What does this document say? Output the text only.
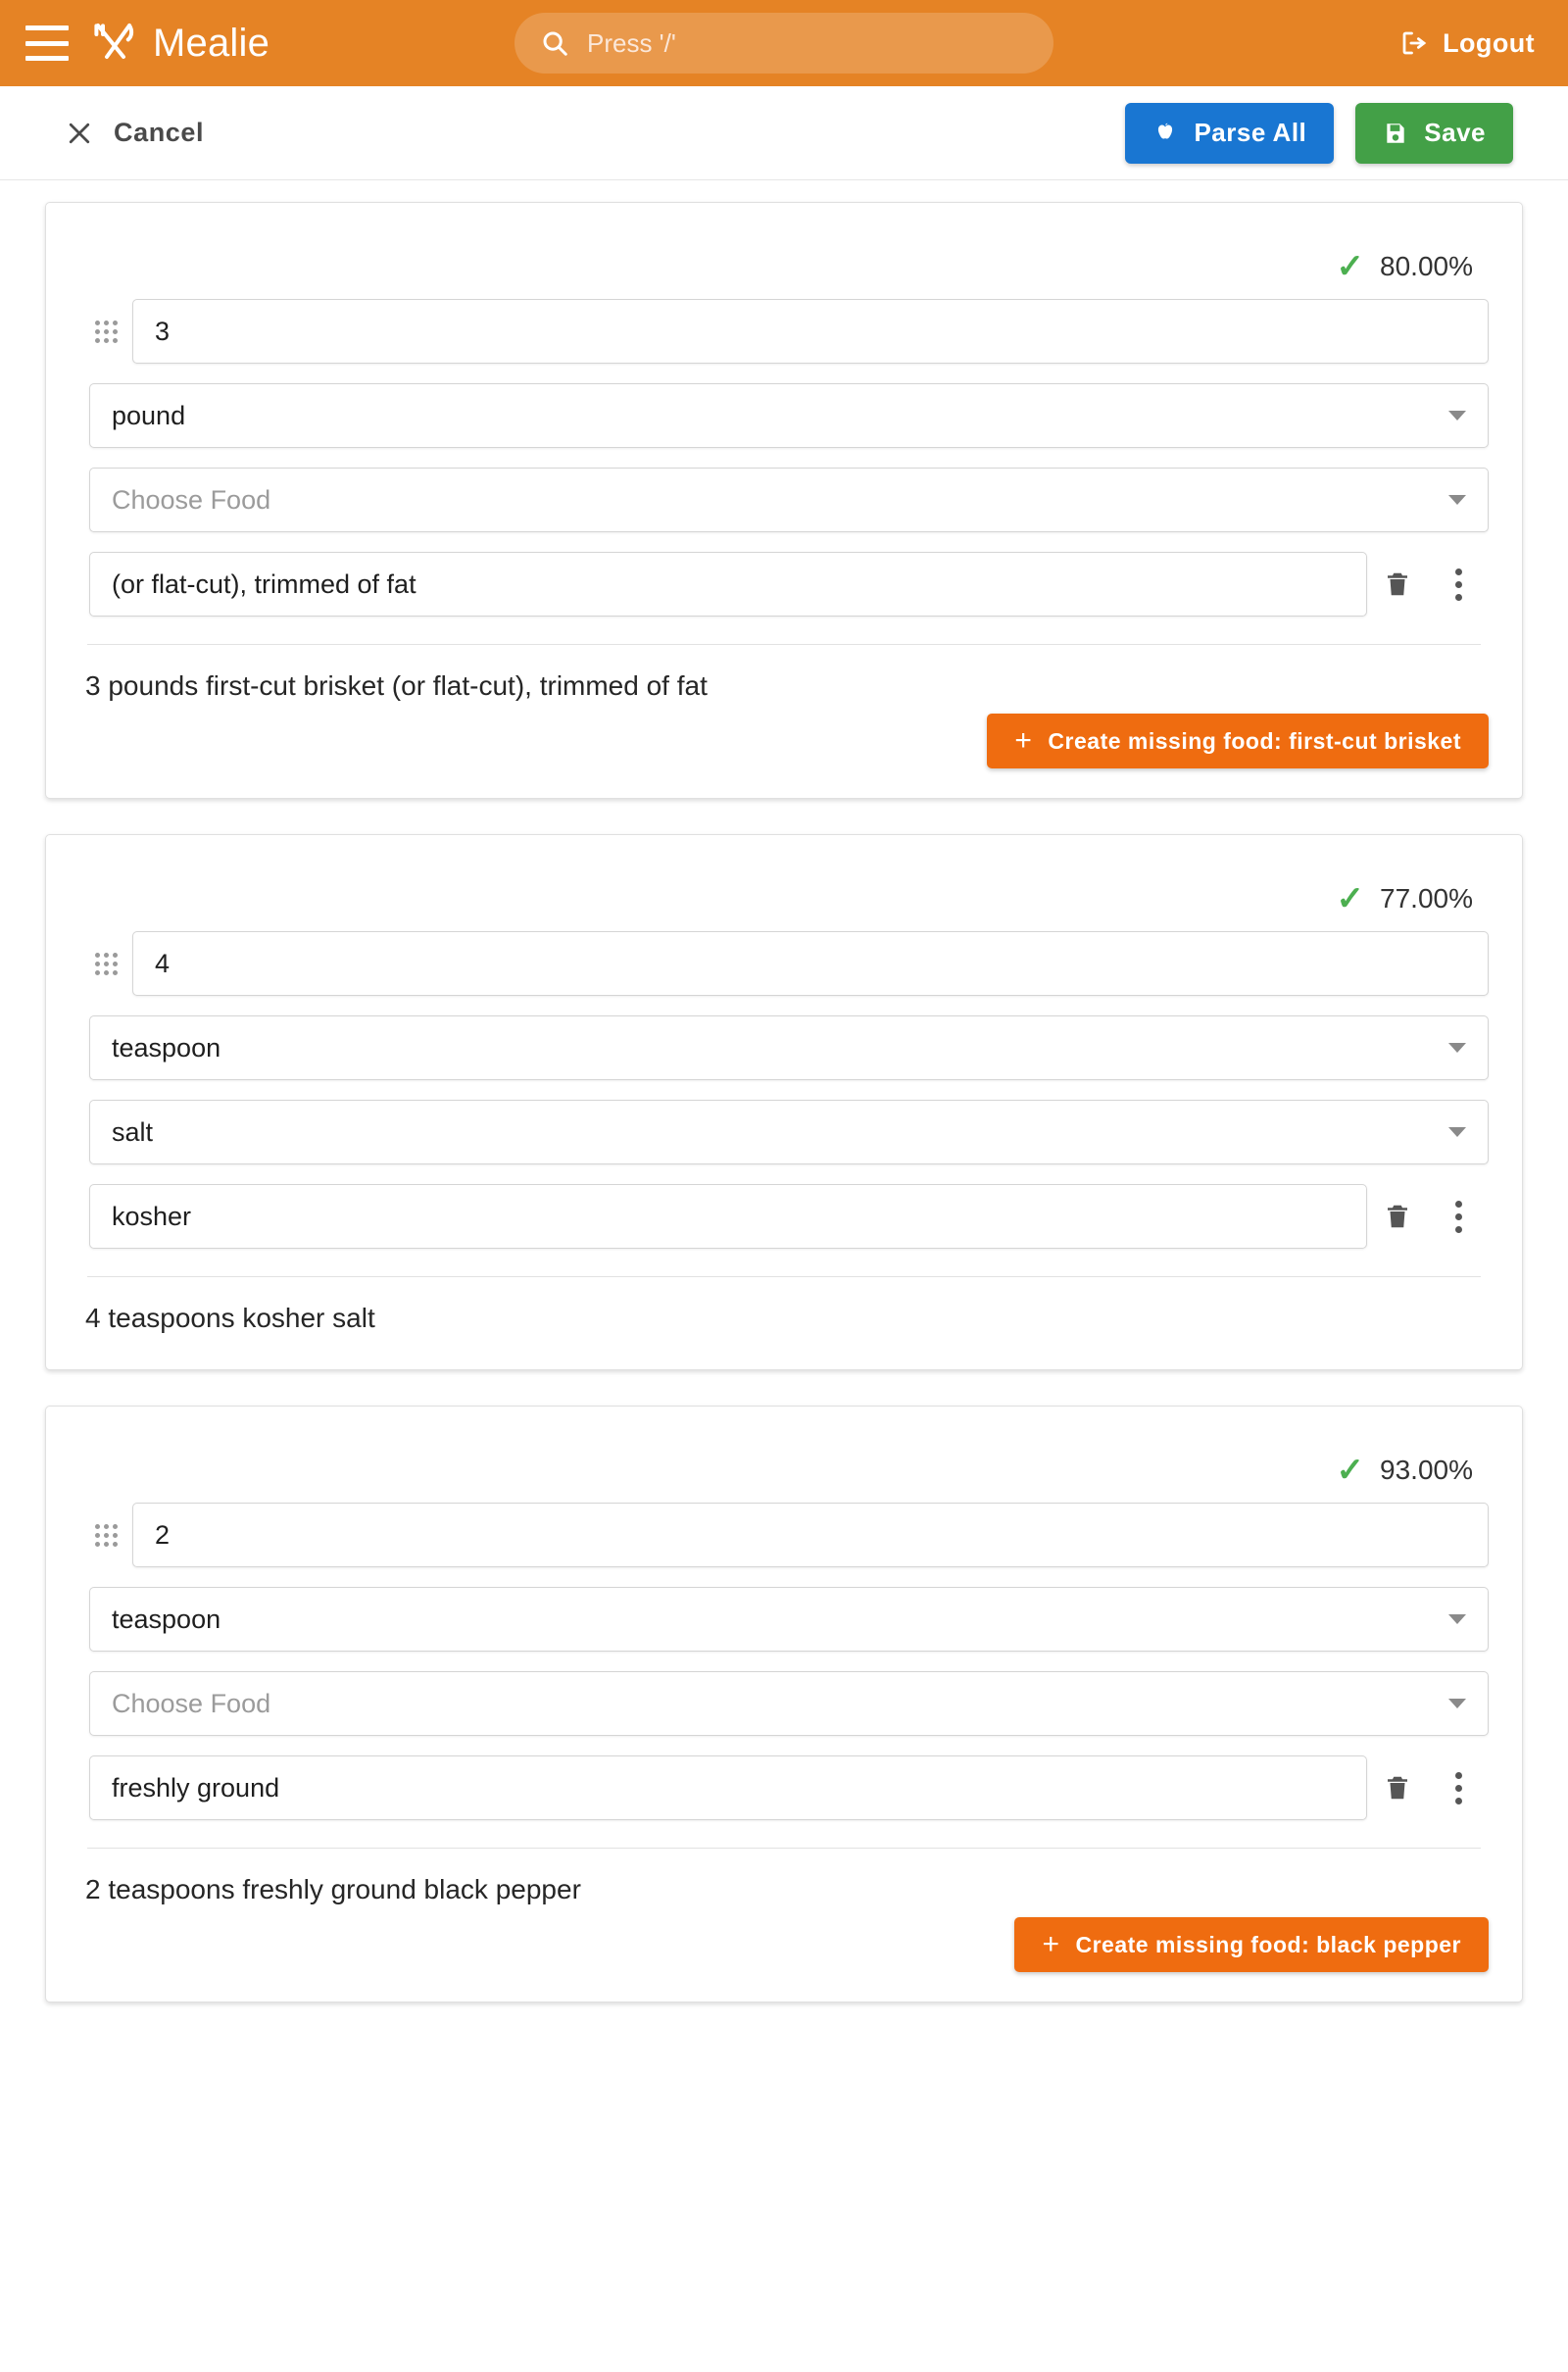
Mealie
Press '/'	Logout
Cancel	Parse All	Save
✓ 80.00%
3
pound
Choose Food
(or flat-cut), trimmed of fat
3 pounds first-cut brisket (or flat-cut), trimmed of fat
+ Create missing food: first-cut brisket
✓ 77.00%
4
teaspoon
salt
kosher
4 teaspoons kosher salt
✓ 93.00%
2
teaspoon
Choose Food
freshly ground
2 teaspoons freshly ground black pepper
+ Create missing food: black pepper
